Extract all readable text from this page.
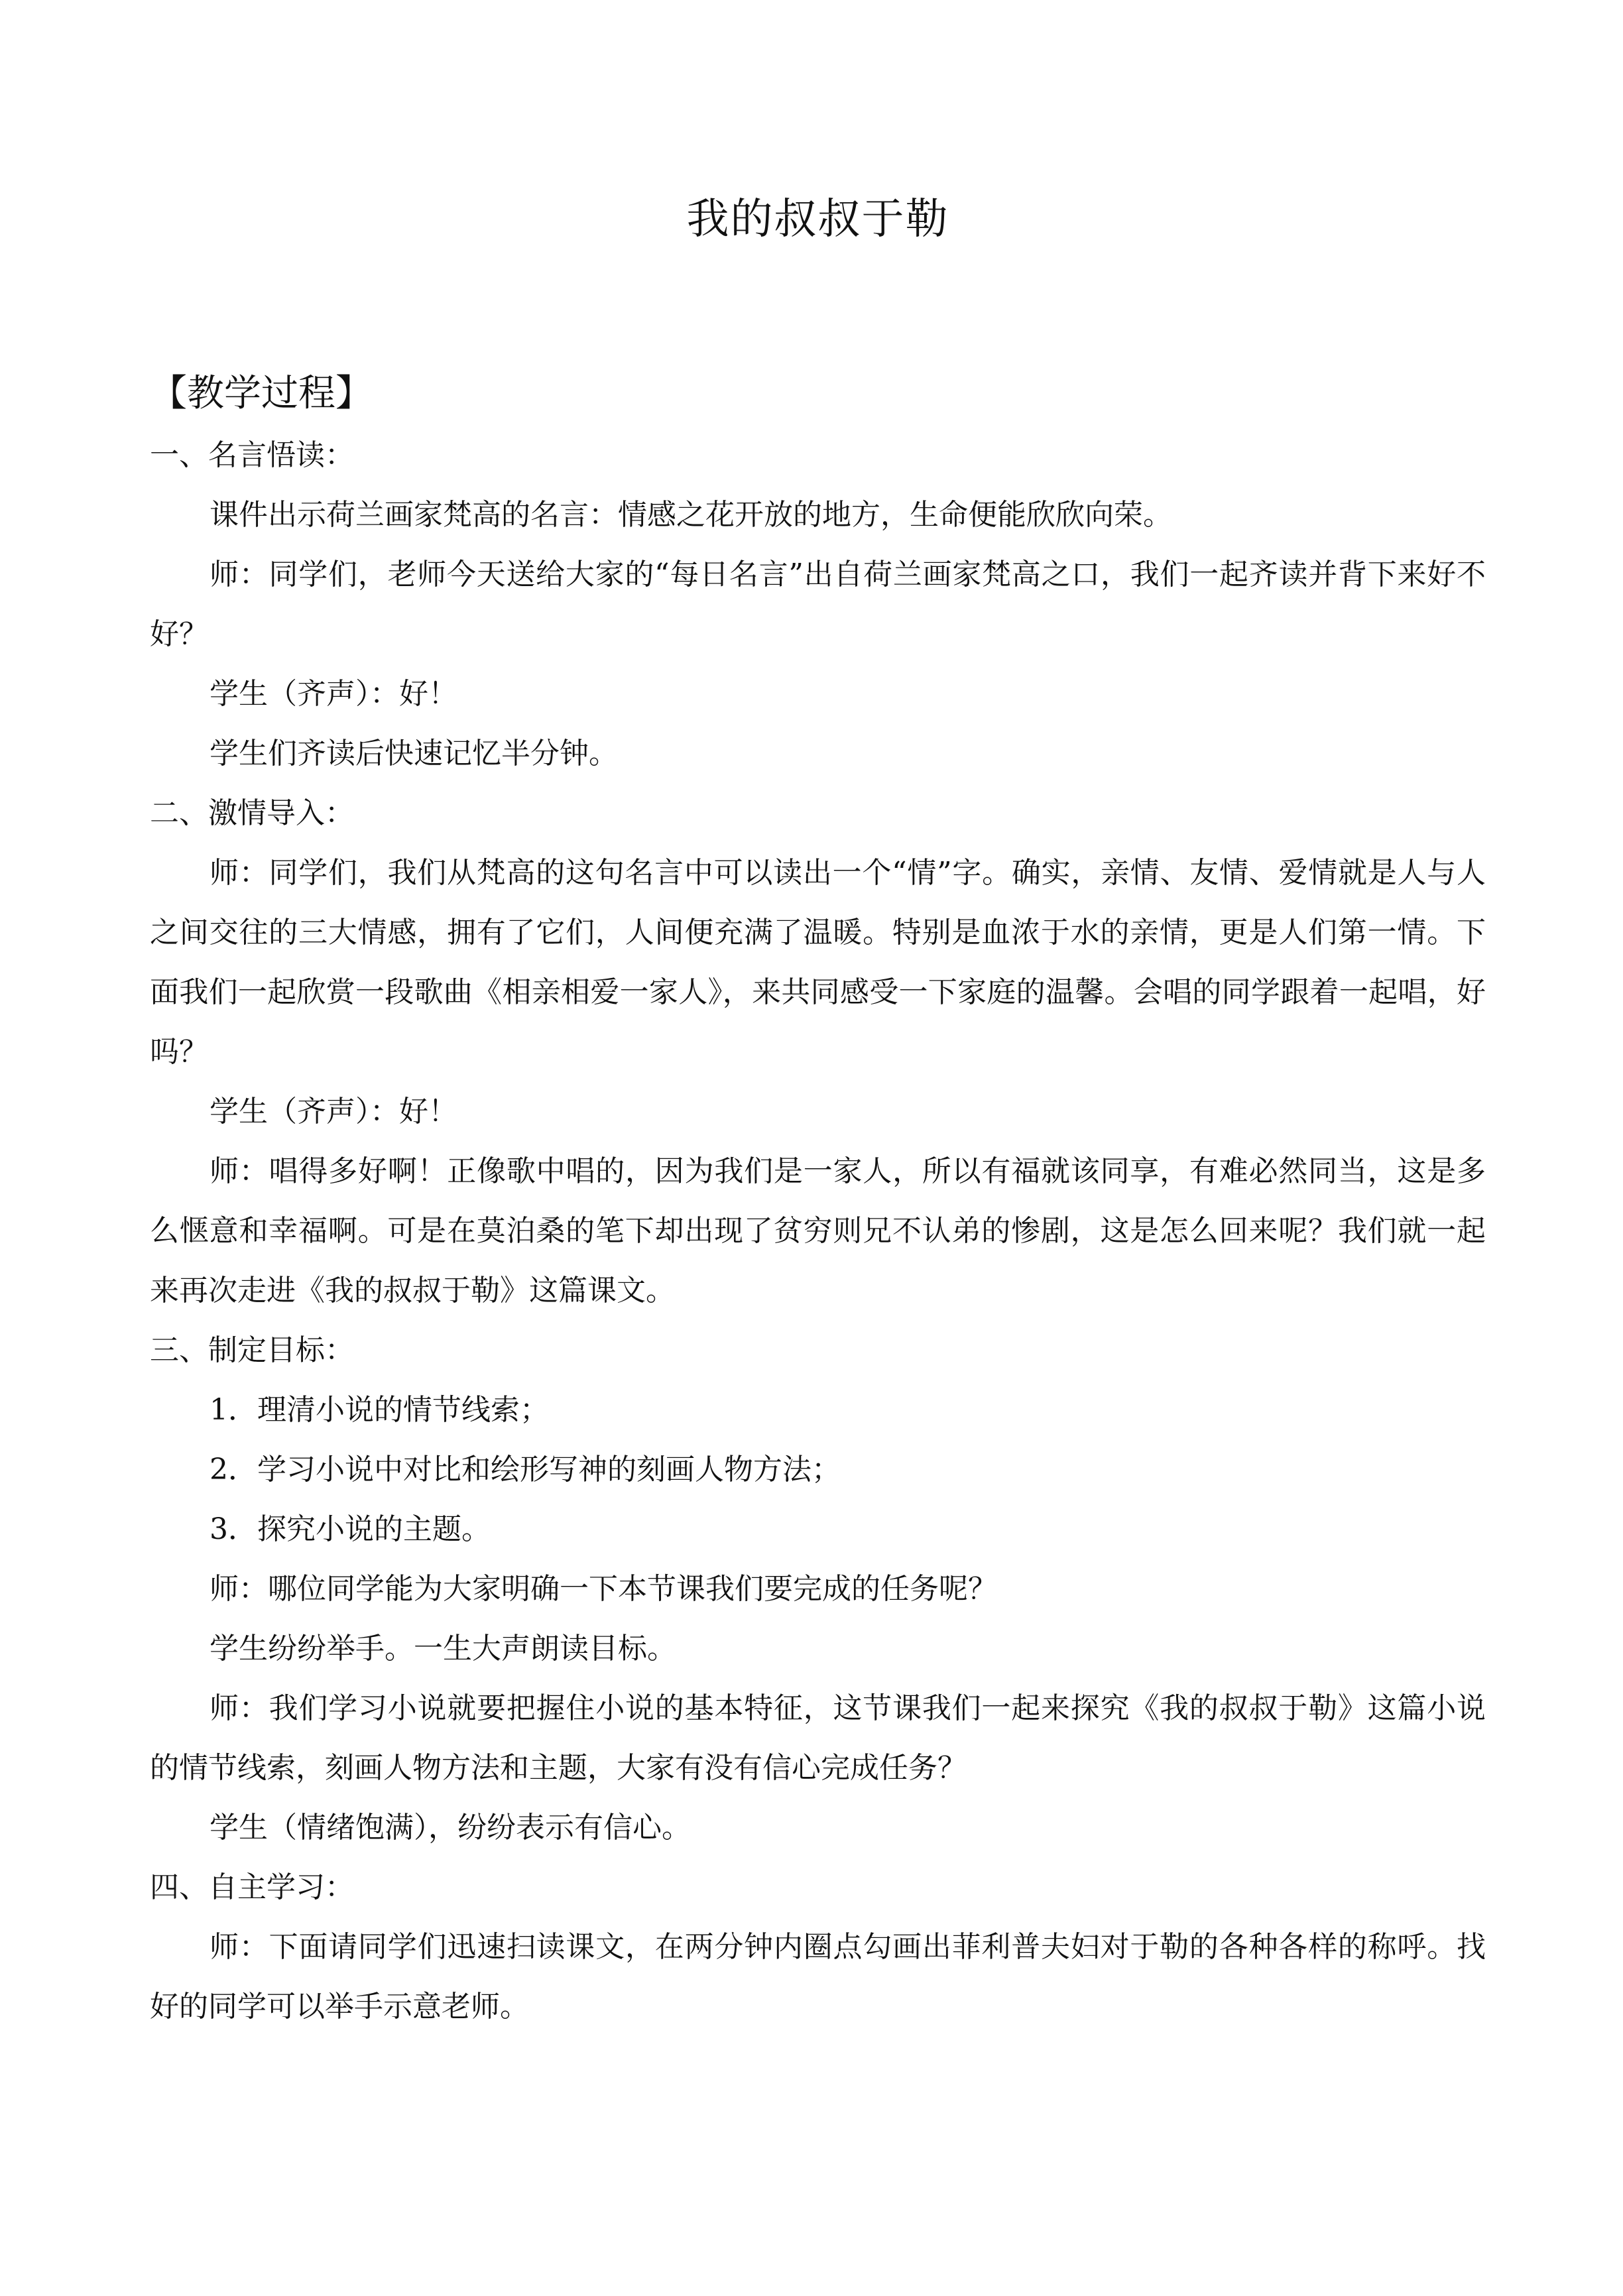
我的叔叔于勒
【教学过程】
一、名言悟读：
课件出示荷兰画家梵高的名言：情感之花开放的地方，生命便能欣欣向荣。
师：同学们，老师今天送给大家的“每日名言”出自荷兰画家梵高之口，我们一起齐读并背下来好不好？
学生（齐声）：好！
学生们齐读后快速记忆半分钟。
二、激情导入：
师：同学们，我们从梵高的这句名言中可以读出一个“情”字。确实，亲情、友情、爱情就是人与人之间交往的三大情感，拥有了它们，人间便充满了温暖。特别是血浓于水的亲情，更是人们第一情。下面我们一起欣赏一段歌曲《相亲相爱一家人》，来共同感受一下家庭的温馨。会唱的同学跟着一起唱，好吗？
学生（齐声）：好！
师：唱得多好啊！正像歌中唱的，因为我们是一家人，所以有福就该同享，有难必然同当，这是多么惬意和幸福啊。可是在莫泊桑的笔下却出现了贫穷则兄不认弟的惨剧，这是怎么回来呢？我们就一起来再次走进《我的叔叔于勒》这篇课文。
三、制定目标：
1．理清小说的情节线索；
2．学习小说中对比和绘形写神的刻画人物方法；
3．探究小说的主题。
师：哪位同学能为大家明确一下本节课我们要完成的任务呢？
学生纷纷举手。一生大声朗读目标。
师：我们学习小说就要把握住小说的基本特征，这节课我们一起来探究《我的叔叔于勒》这篇小说的情节线索，刻画人物方法和主题，大家有没有信心完成任务？
学生（情绪饱满），纷纷表示有信心。
四、自主学习：
师：下面请同学们迅速扫读课文，在两分钟内圈点勾画出菲利普夫妇对于勒的各种各样的称呼。找好的同学可以举手示意老师。
